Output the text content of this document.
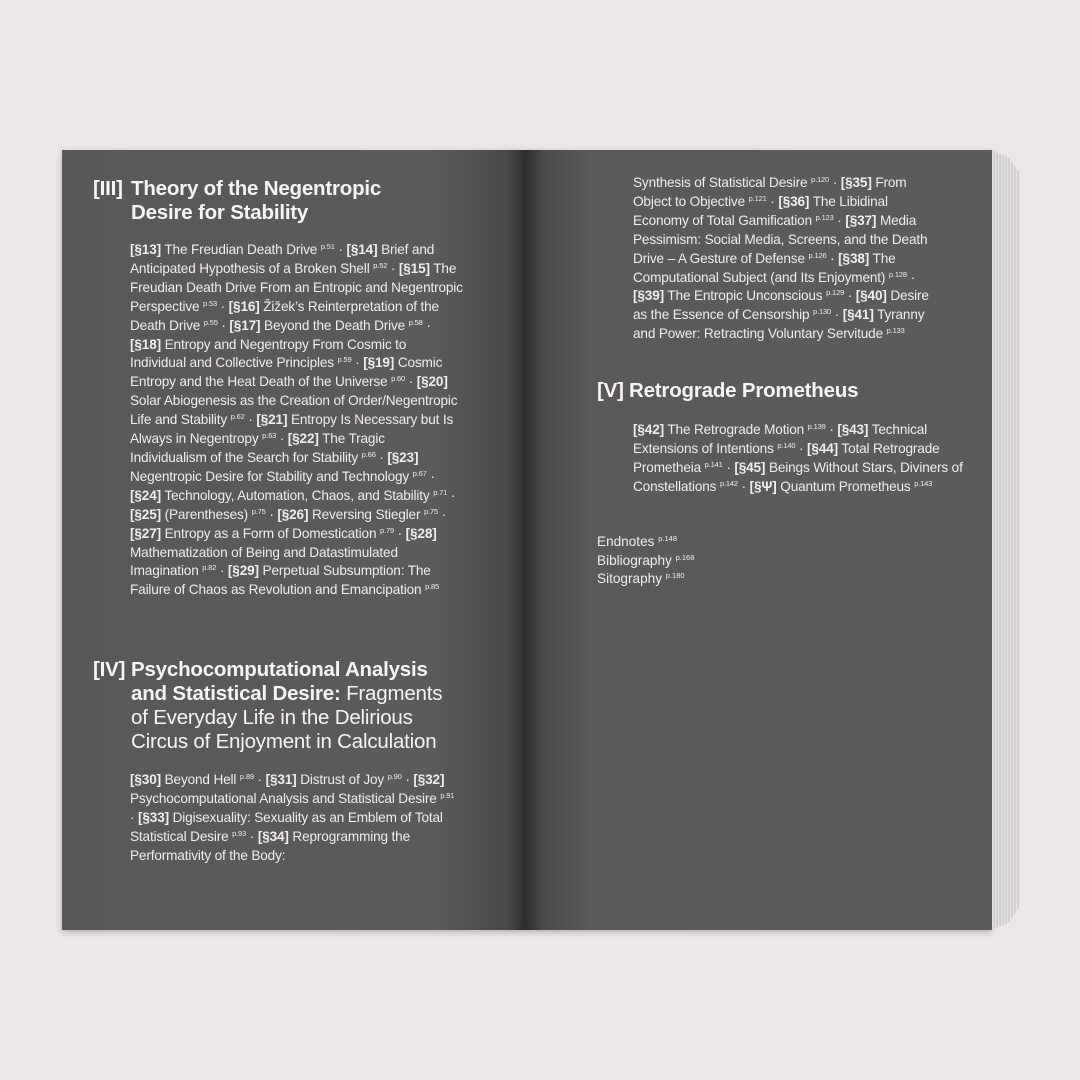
[III] Theory of the Negentropic Desire for Stability

[§13] The Freudian Death Drive $^{p.51}$ · [§14] Brief and Anticipated Hypothesis of a Broken Shell $^{p.52}$ · [§15] The Freudian Death Drive From an Entropic and Negentropic Perspective $^{p.53}$ · [§16] Žižek’s Reinterpretation of the Death Drive $^{p.55}$ · [§17] Beyond the Death Drive $^{p.58}$ · [§18] Entropy and Negentropy From Cosmic to Individual and Collective Principles $^{p.59}$ · [§19] Cosmic Entropy and the Heat Death of the Universe $^{p.60}$ · [§20] Solar Abiogenesis as the Creation of Order/Negentropic Life and Stability $^{p.62}$ · [§21] Entropy Is Necessary but Is Always in Negentropy $^{p.63}$ · [§22] The Tragic Individualism of the Search for Stability $^{p.66}$ · [§23] Negentropic Desire for Stability and Technology $^{p.67}$ · [§24] Technology, Automation, Chaos, and Stability $^{p.71}$ · [§25] (Parentheses) $^{p.75}$ · [§26] Reversing Stiegler $^{p.75}$ · [§27] Entropy as a Form of Domestication $^{p.79}$ · [§28] Mathematization of Being and Datastimulated Imagination $^{p.82}$ · [§29] Perpetual Subsumption: The Failure of Chaos as Revolution and Emancipation $^{p.85}$

[IV] Psychocomputational Analysis and Statistical Desire: Fragments of Everyday Life in the Delirious Circus of Enjoyment in Calculation

[§30] Beyond Hell $^{p.89}$ · [§31] Distrust of Joy $^{p.90}$ · [§32] Psychocomputational Analysis and Statistical Desire $^{p.91}$ · [§33] Digisexuality: Sexuality as an Emblem of Total Statistical Desire $^{p.93}$ · [§34] Reprogramming the Performativity of the Body:

Synthesis of Statistical Desire $^{p.120}$ · [§35] From Object to Objective $^{p.121}$ · [§36] The Libidinal Economy of Total Gamification $^{p.123}$ · [§37] Media Pessimism: Social Media, Screens, and the Death Drive – A Gesture of Defense $^{p.126}$ · [§38] The Computational Subject (and Its Enjoyment) $^{p.128}$ · [§39] The Entropic Unconscious $^{p.129}$ · [§40] Desire as the Essence of Censorship $^{p.130}$ · [§41] Tyranny and Power: Retracting Voluntary Servitude $^{p.133}$

[V] Retrograde Prometheus

[§42] The Retrograde Motion $^{p.139}$ · [§43] Technical Extensions of Intentions $^{p.140}$ · [§44] Total Retrograde Prometheia $^{p.141}$ · [§45] Beings Without Stars, Diviners of Constellations $^{p.142}$ · [§Ψ] Quantum Prometheus $^{p.143}$

Endnotes $^{p.148}$
Bibliography $^{p.168}$
Sitography $^{p.180}$
